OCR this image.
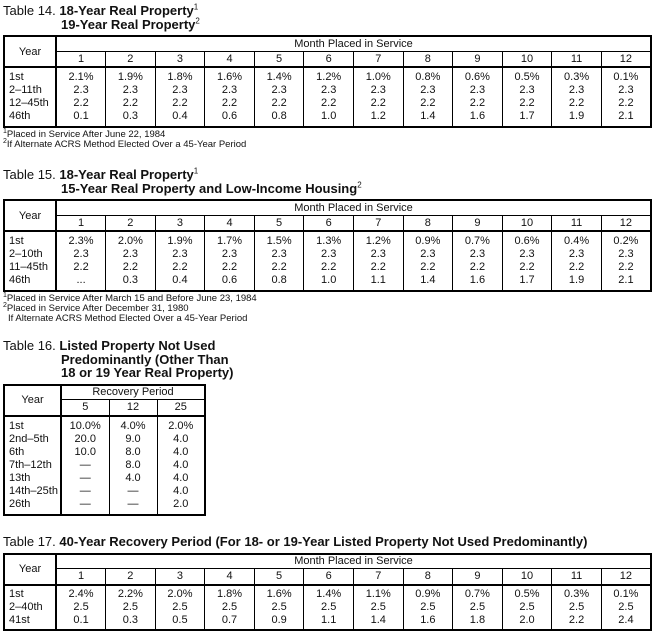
Table 14. 18-Year Real Property$^1$
19-Year Real Property$^2$
Year	Month Placed in Service											
	1	2	3	4	5	6	7	8	9	10	11	12
1st	2.1%	1.9%	1.8%	1.6%	1.4%	1.2%	1.0%	0.8%	0.6%	0.5%	0.3%	0.1%
2–11th	2.3	2.3	2.3	2.3	2.3	2.3	2.3	2.3	2.3	2.3	2.3	2.3
12–45th	2.2	2.2	2.2	2.2	2.2	2.2	2.2	2.2	2.2	2.2	2.2	2.2
46th	0.1	0.3	0.4	0.6	0.8	1.0	1.2	1.4	1.6	1.7	1.9	2.1
$^1$Placed in Service After June 22, 1984
$^2$If Alternate ACRS Method Elected Over a 45-Year Period
Table 15. 18-Year Real Property$^1$
15-Year Real Property and Low-Income Housing$^2$
Year	Month Placed in Service											
	1	2	3	4	5	6	7	8	9	10	11	12
1st	2.3%	2.0%	1.9%	1.7%	1.5%	1.3%	1.2%	0.9%	0.7%	0.6%	0.4%	0.2%
2–10th	2.3	2.3	2.3	2.3	2.3	2.3	2.3	2.3	2.3	2.3	2.3	2.3
11–45th	2.2	2.2	2.2	2.2	2.2	2.2	2.2	2.2	2.2	2.2	2.2	2.2
46th	...	0.3	0.4	0.6	0.8	1.0	1.1	1.4	1.6	1.7	1.9	2.1
$^1$Placed in Service After March 15 and Before June 23, 1984
$^2$Placed in Service After December 31, 1980
If Alternate ACRS Method Elected Over a 45-Year Period
Table 16. Listed Property Not Used
Predominantly (Other Than
18 or 19 Year Real Property)
Year	Recovery Period		
	5	12	25
1st	10.0%	4.0%	2.0%
2nd–5th	20.0	9.0	4.0
6th	10.0	8.0	4.0
7th–12th	—	8.0	4.0
13th	—	4.0	4.0
14th–25th	—	—	4.0
26th	—	—	2.0
Table 17. 40-Year Recovery Period (For 18- or 19-Year Listed Property Not Used Predominantly)
Year	Month Placed in Service											
	1	2	3	4	5	6	7	8	9	10	11	12
1st	2.4%	2.2%	2.0%	1.8%	1.6%	1.4%	1.1%	0.9%	0.7%	0.5%	0.3%	0.1%
2–40th	2.5	2.5	2.5	2.5	2.5	2.5	2.5	2.5	2.5	2.5	2.5	2.5
41st	0.1	0.3	0.5	0.7	0.9	1.1	1.4	1.6	1.8	2.0	2.2	2.4
